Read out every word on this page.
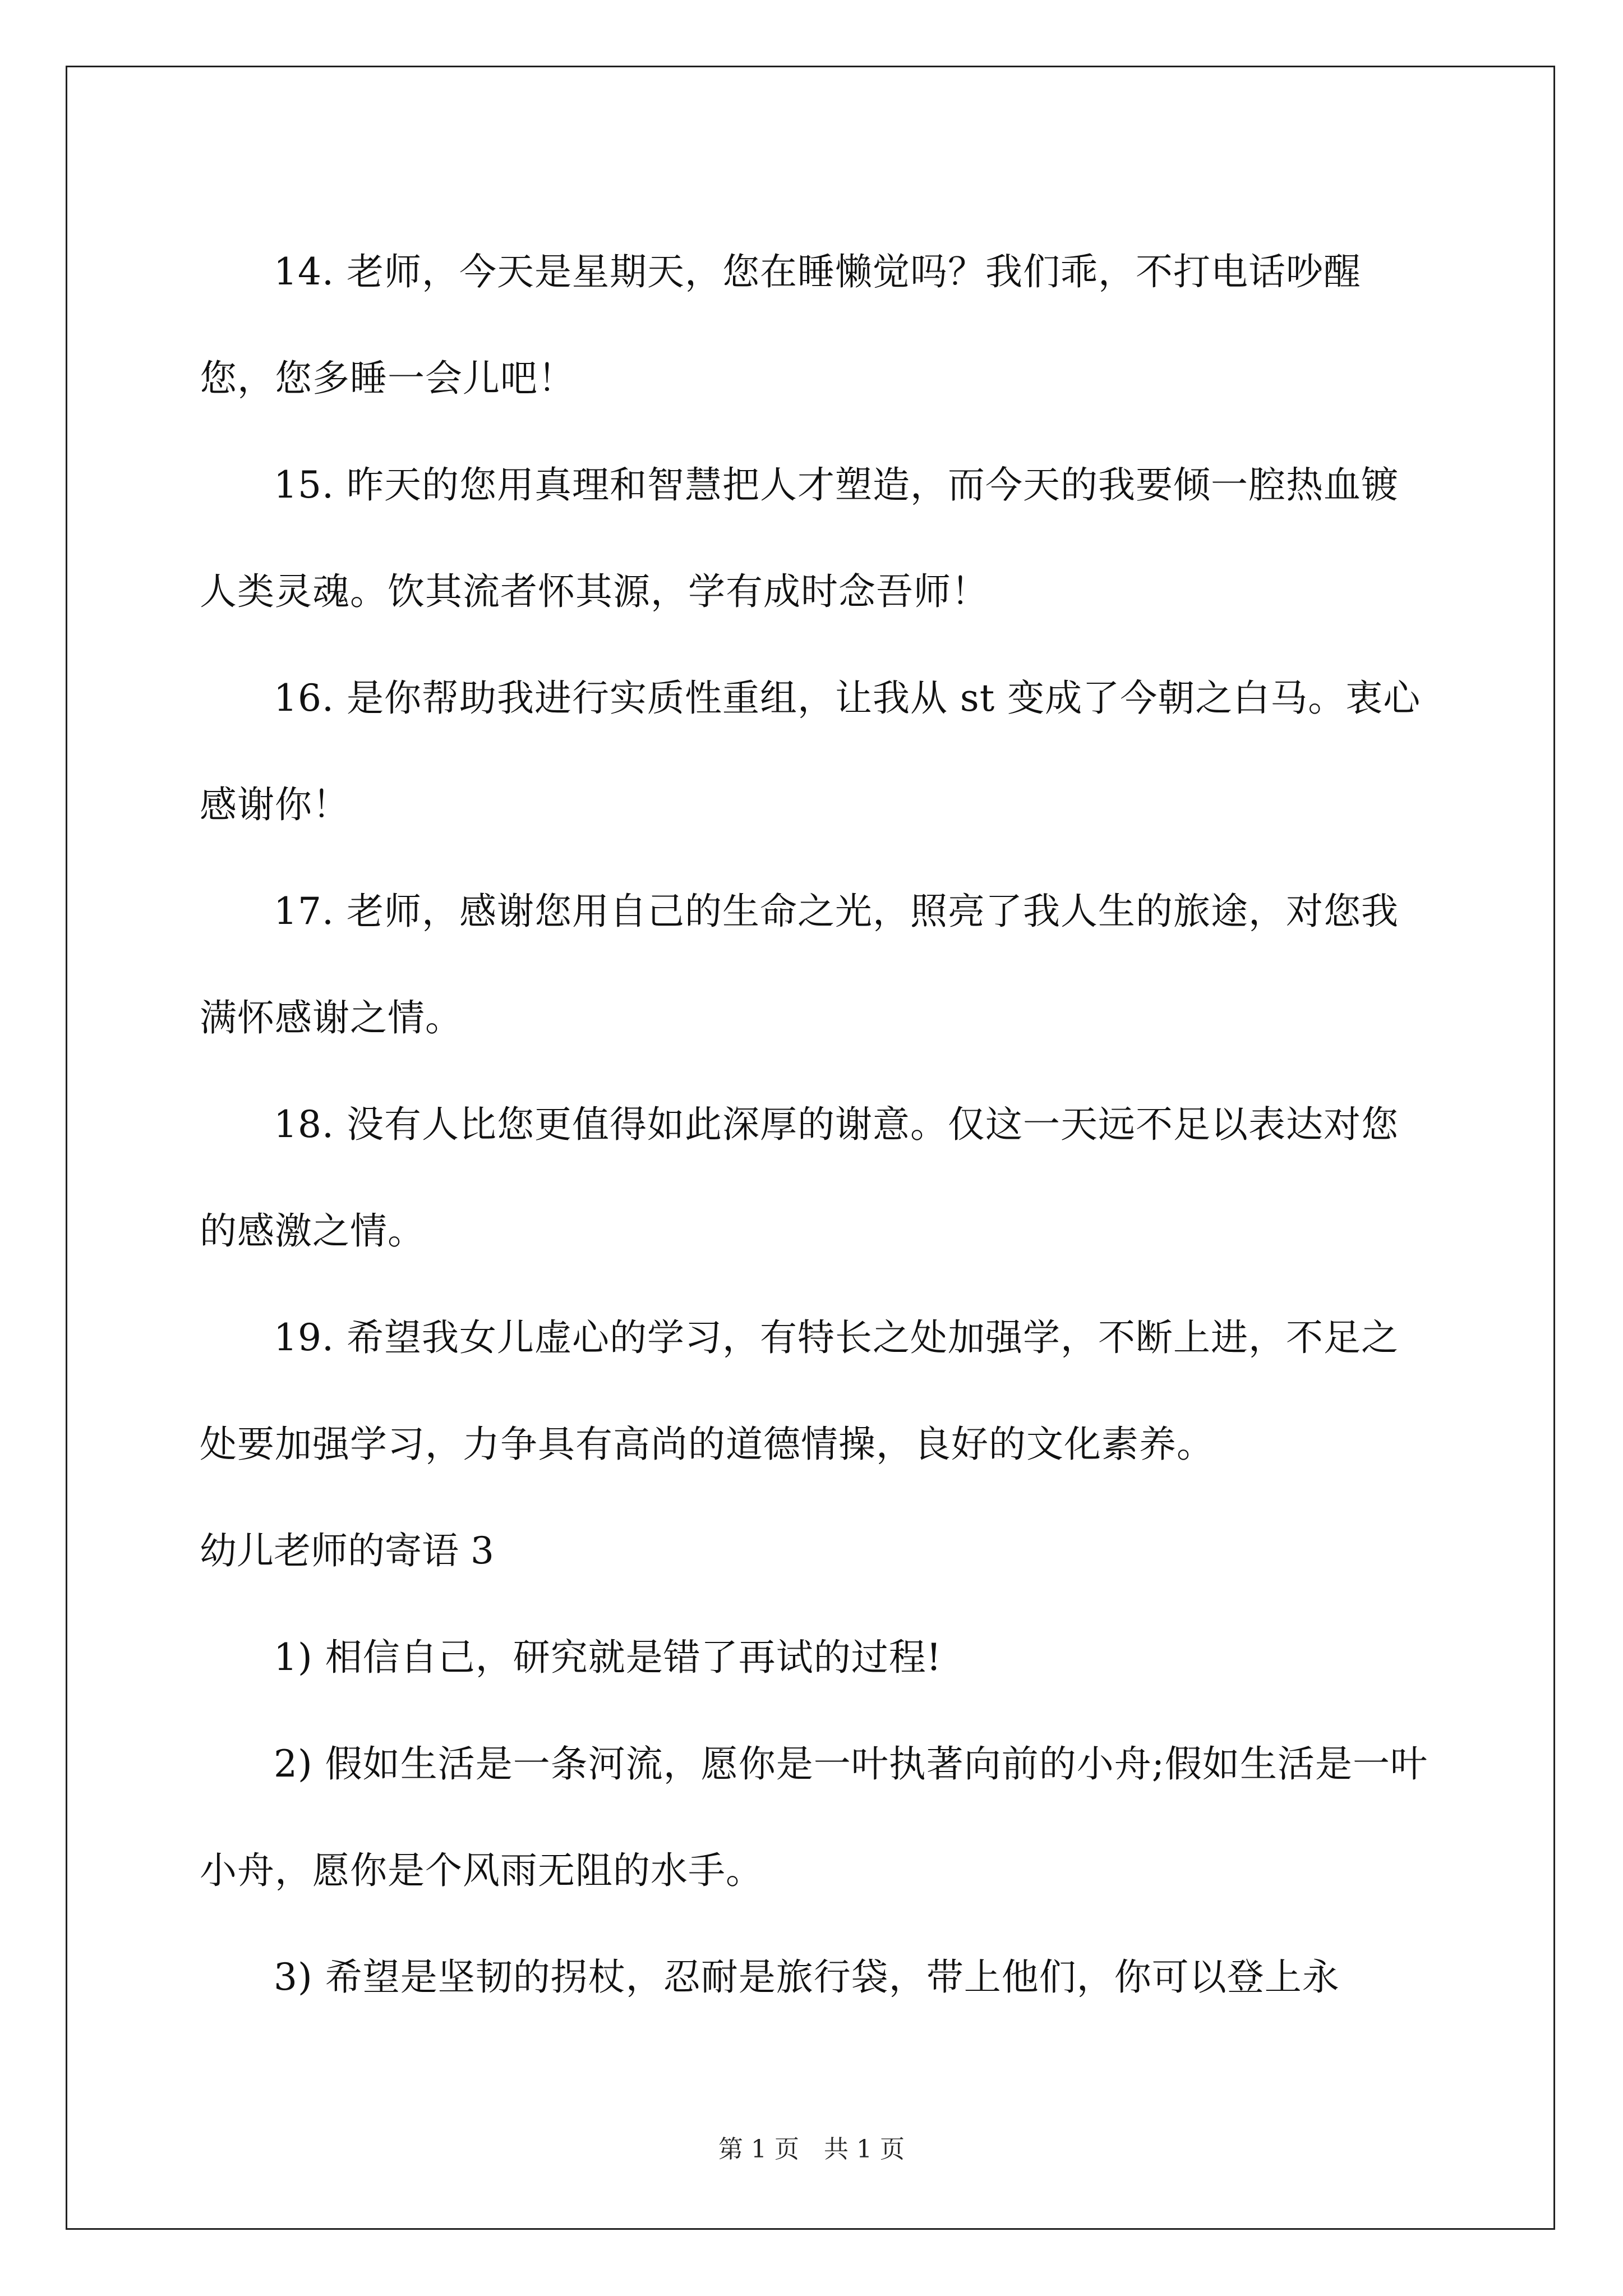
14. 老师，今天是星期天，您在睡懒觉吗？我们乖，不打电话吵醒您，您多睡一会儿吧！

15. 昨天的您用真理和智慧把人才塑造，而今天的我要倾一腔热血镀人类灵魂。饮其流者怀其源，学有成时念吾师！

16. 是你帮助我进行实质性重组，让我从 st 变成了今朝之白马。衷心感谢你！

17. 老师，感谢您用自己的生命之光，照亮了我人生的旅途，对您我满怀感谢之情。

18. 没有人比您更值得如此深厚的谢意。仅这一天远不足以表达对您的感激之情。

19. 希望我女儿虚心的学习，有特长之处加强学，不断上进，不足之处要加强学习，力争具有高尚的道德情操，良好的文化素养。

幼儿老师的寄语 3

1) 相信自己，研究就是错了再试的过程!

2) 假如生活是一条河流，愿你是一叶执著向前的小舟;假如生活是一叶小舟，愿你是个风雨无阻的水手。

3) 希望是坚韧的拐杖，忍耐是旅行袋，带上他们，你可以登上永

第 1 页 共 1 页
